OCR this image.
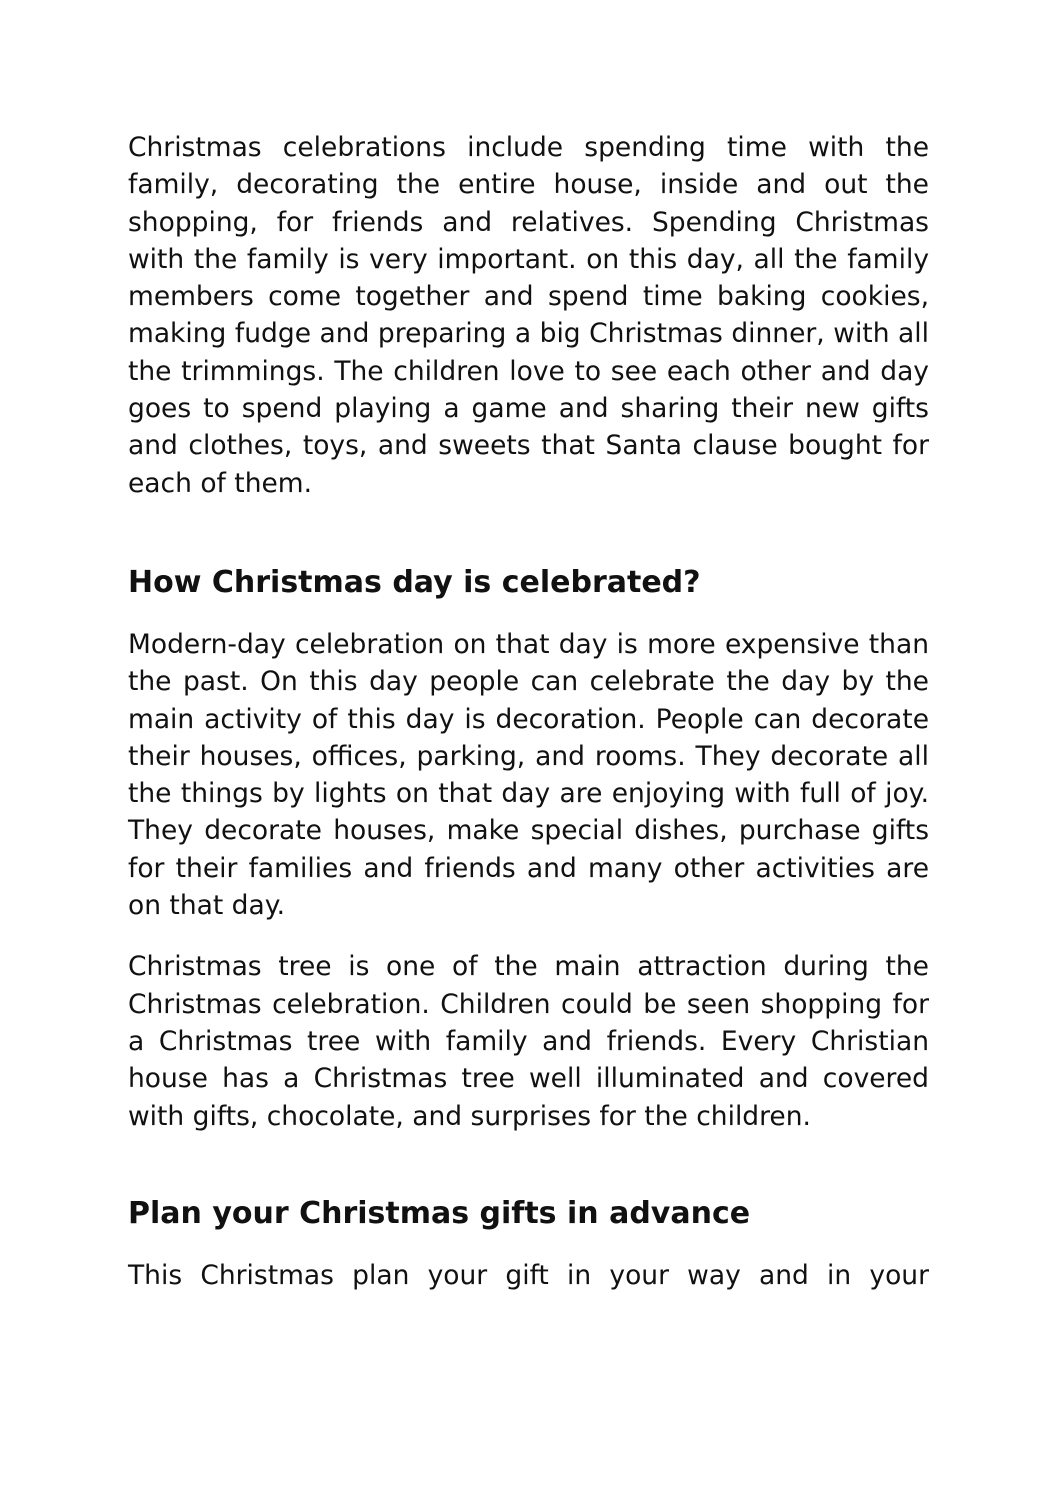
Christmas celebrations include spending time with the family, decorating the entire house, inside and out the shopping, for friends and relatives. Spending Christmas with the family is very important. on this day, all the family members come together and spend time baking cookies, making fudge and preparing a big Christmas dinner, with all the trimmings. The children love to see each other and day goes to spend playing a game and sharing their new gifts and clothes, toys, and sweets that Santa clause bought for each of them.

How Christmas day is celebrated?

Modern-day celebration on that day is more expensive than the past. On this day people can celebrate the day by the main activity of this day is decoration. People can decorate their houses, offices, parking, and rooms. They decorate all the things by lights on that day are enjoying with full of joy. They decorate houses, make special dishes, purchase gifts for their families and friends and many other activities are on that day.

Christmas tree is one of the main attraction during the Christmas celebration. Children could be seen shopping for a Christmas tree with family and friends. Every Christian house has a Christmas tree well illuminated and covered with gifts, chocolate, and surprises for the children.

Plan your Christmas gifts in advance

This Christmas plan your gift in your way and in your
